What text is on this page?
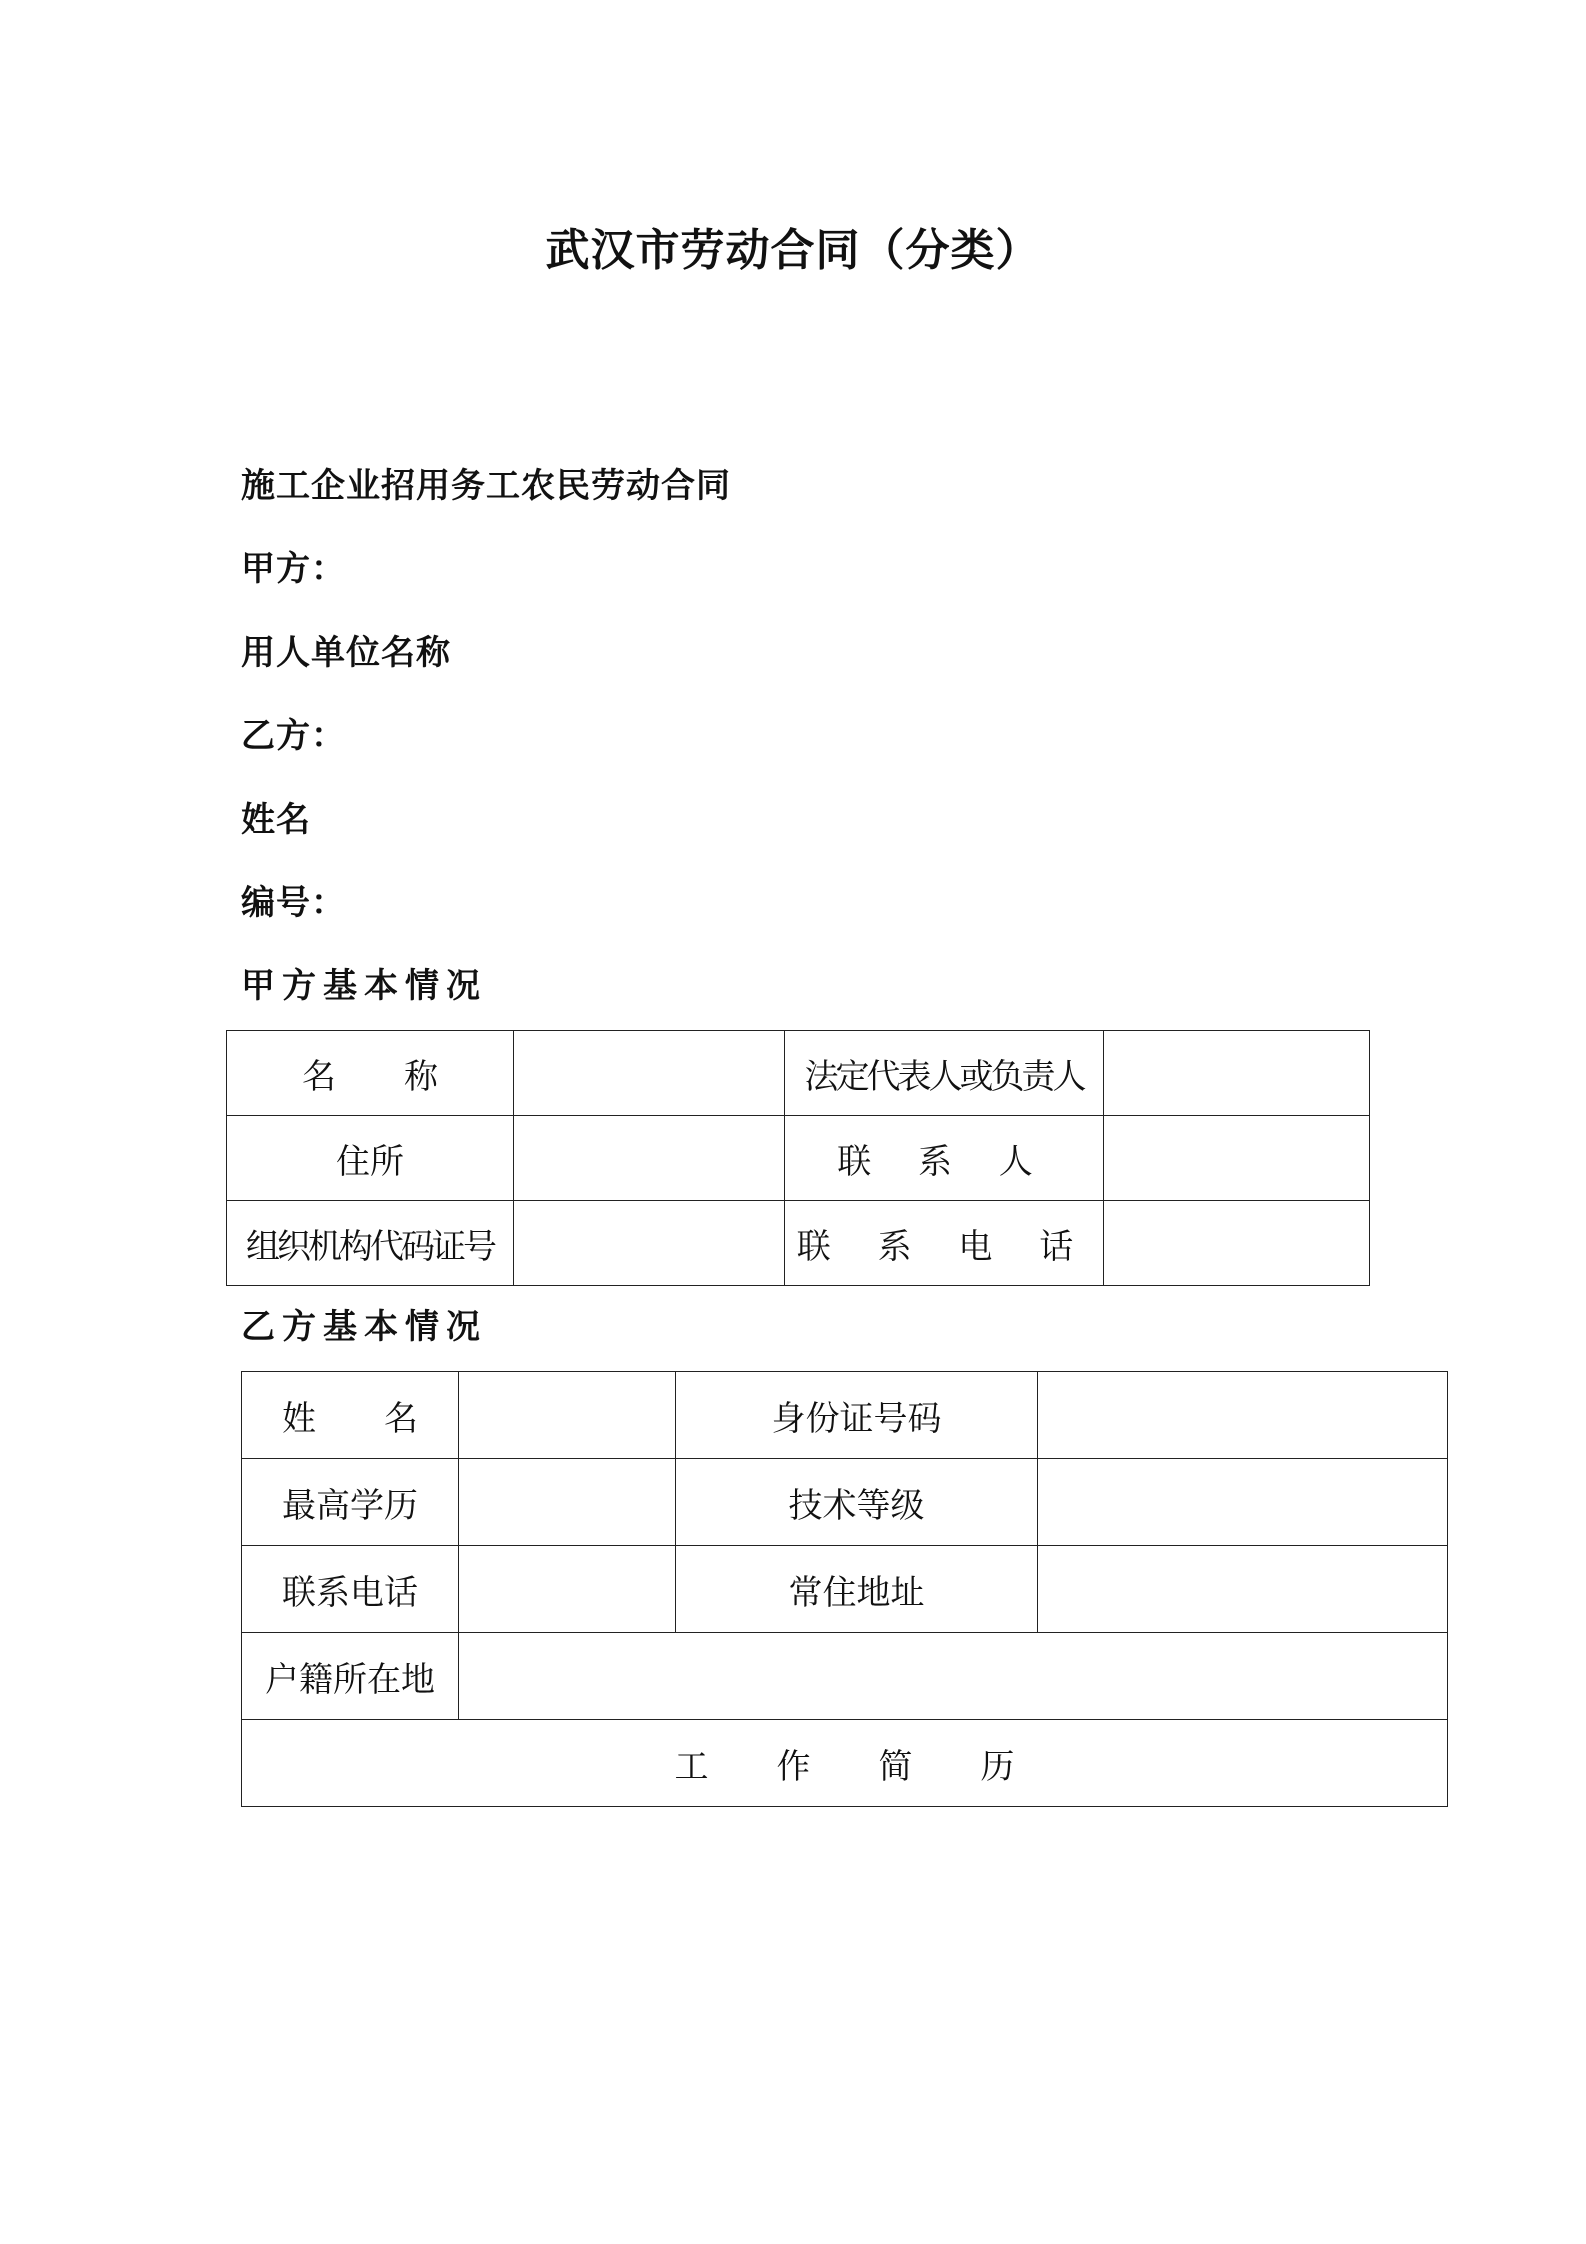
武汉市劳动合同（分类）
施工企业招用务工农民劳动合同
甲方：
用人单位名称
乙方：
姓名
编号：
甲方基本情况
名　　称		法定代表人或负责人	
住所		联 系 人	
组织机构代码证号		联 系 电 话	
乙方基本情况
姓　　名		身份证号码	
最高学历		技术等级	
联系电话		常住地址	
户籍所在地			
工　　作　　简　　历			
